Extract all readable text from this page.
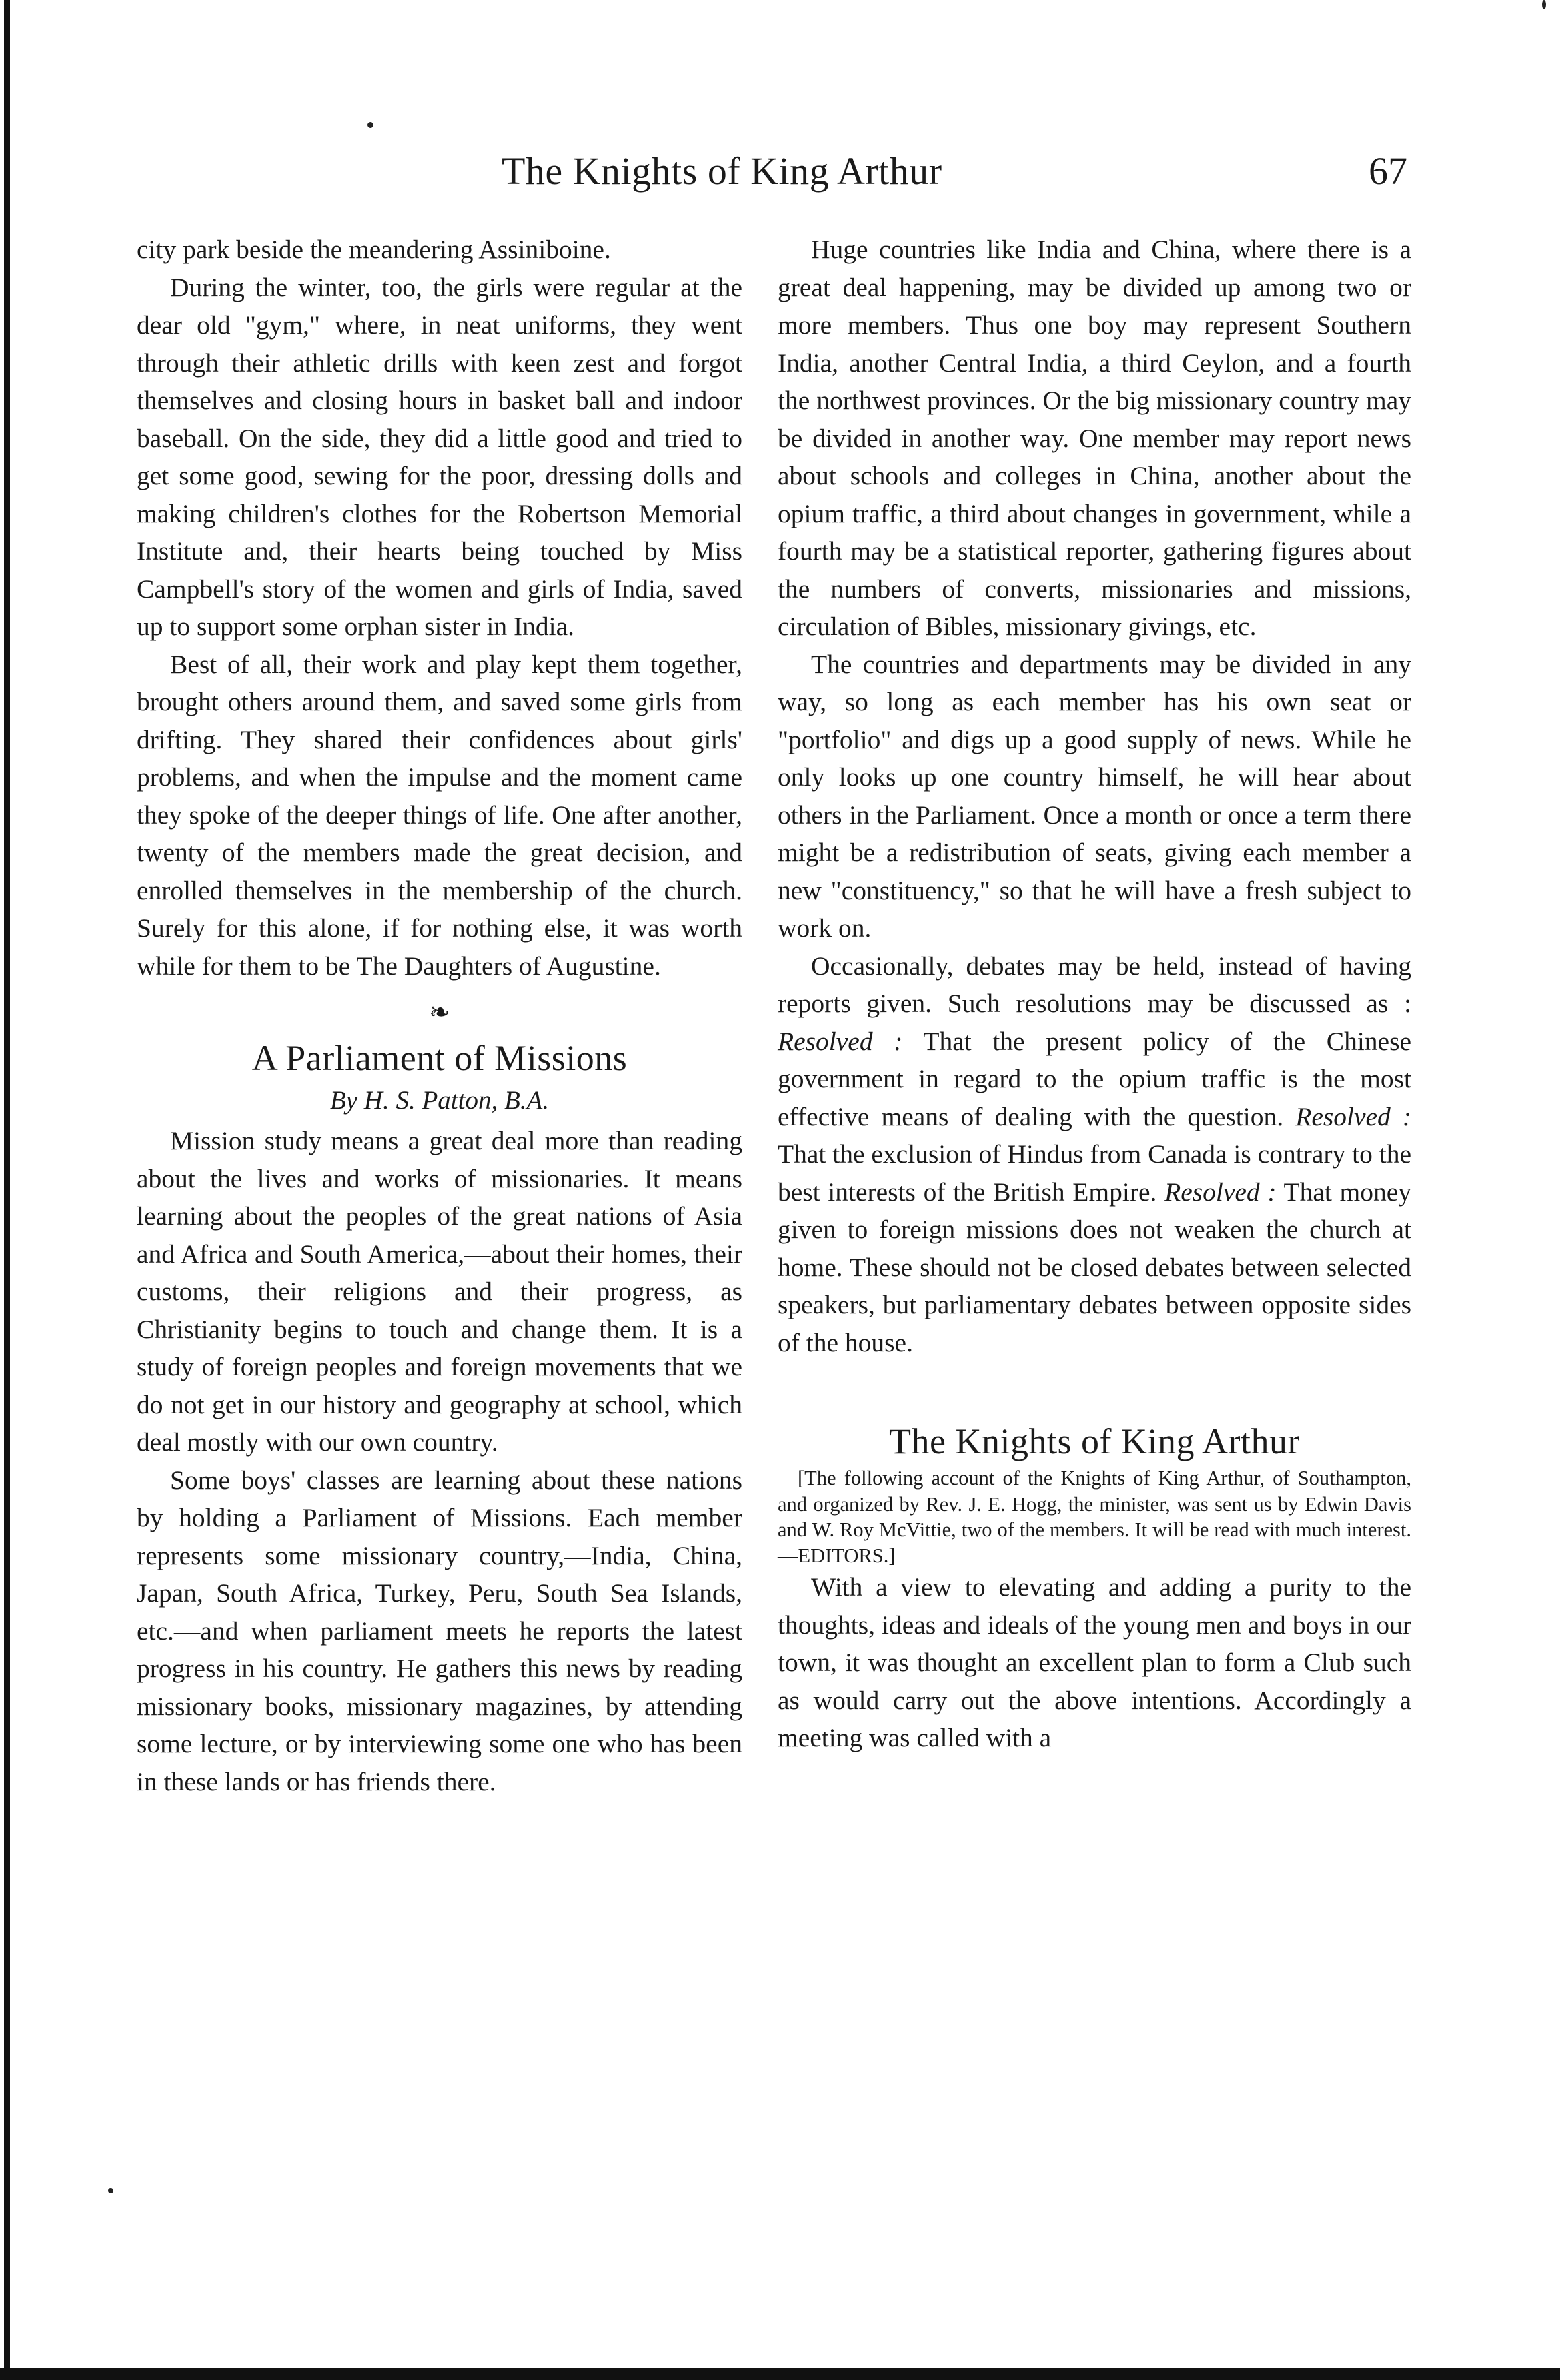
The Knights of King Arthur	67

city park beside the meandering Assiniboine.

During the winter, too, the girls were regular at the dear old "gym," where, in neat uniforms, they went through their athletic drills with keen zest and forgot themselves and closing hours in basket ball and indoor baseball. On the side, they did a little good and tried to get some good, sewing for the poor, dressing dolls and making children's clothes for the Robertson Memorial Institute and, their hearts being touched by Miss Campbell's story of the women and girls of India, saved up to support some orphan sister in India.

Best of all, their work and play kept them together, brought others around them, and saved some girls from drifting. They shared their confidences about girls' problems, and when the impulse and the moment came they spoke of the deeper things of life. One after another, twenty of the members made the great decision, and enrolled themselves in the membership of the church. Surely for this alone, if for nothing else, it was worth while for them to be The Daughters of Augustine.

❧
A Parliament of Missions
By H. S. Patton, B.A.

Mission study means a great deal more than reading about the lives and works of missionaries. It means learning about the peoples of the great nations of Asia and Africa and South America,—about their homes, their customs, their religions and their progress, as Christianity begins to touch and change them. It is a study of foreign peoples and foreign movements that we do not get in our history and geography at school, which deal mostly with our own country.

Some boys' classes are learning about these nations by holding a Parliament of Missions. Each member represents some missionary country,—India, China, Japan, South Africa, Turkey, Peru, South Sea Islands, etc.—and when parliament meets he reports the latest progress in his country. He gathers this news by reading missionary books, missionary magazines, by attending some lecture, or by interviewing some one who has been in these lands or has friends there.

Huge countries like India and China, where there is a great deal happening, may be divided up among two or more members. Thus one boy may represent Southern India, another Central India, a third Ceylon, and a fourth the northwest provinces. Or the big missionary country may be divided in another way. One member may report news about schools and colleges in China, another about the opium traffic, a third about changes in government, while a fourth may be a statistical reporter, gathering figures about the numbers of converts, missionaries and missions, circulation of Bibles, missionary givings, etc.

The countries and departments may be divided in any way, so long as each member has his own seat or "portfolio" and digs up a good supply of news. While he only looks up one country himself, he will hear about others in the Parliament. Once a month or once a term there might be a redistribution of seats, giving each member a new "constituency," so that he will have a fresh subject to work on.

Occasionally, debates may be held, instead of having reports given. Such resolutions may be discussed as : Resolved : That the present policy of the Chinese government in regard to the opium traffic is the most effective means of dealing with the question. Resolved : That the exclusion of Hindus from Canada is contrary to the best interests of the British Empire. Resolved : That money given to foreign missions does not weaken the church at home. These should not be closed debates between selected speakers, but parliamentary debates between opposite sides of the house.

The Knights of King Arthur

[The following account of the Knights of King Arthur, of Southampton, and organized by Rev. J. E. Hogg, the minister, was sent us by Edwin Davis and W. Roy McVittie, two of the members. It will be read with much interest.—EDITORS.]

With a view to elevating and adding a purity to the thoughts, ideas and ideals of the young men and boys in our town, it was thought an excellent plan to form a Club such as would carry out the above intentions. Accordingly a meeting was called with a
